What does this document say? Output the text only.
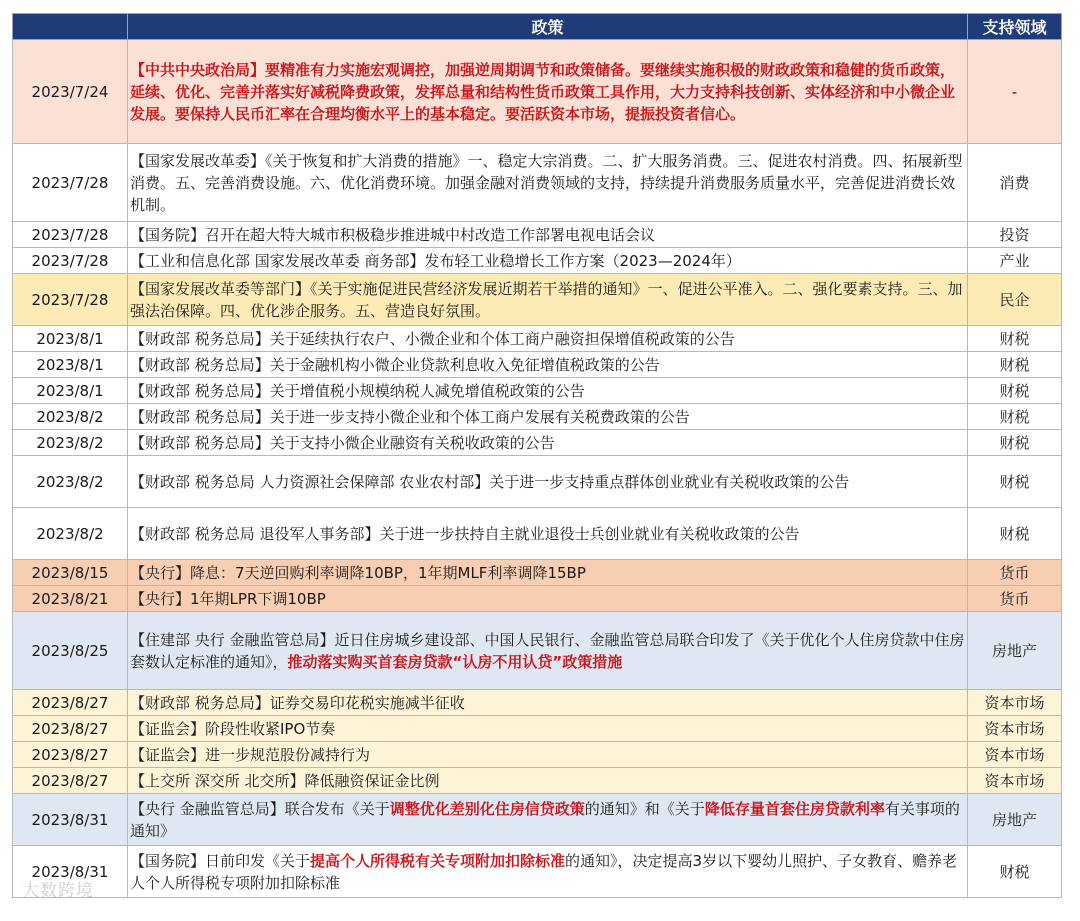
	政策	支持领域
2023/7/24	【中共中央政治局】要精准有力实施宏观调控，加强逆周期调节和政策储备。要继续实施积极的财政政策和稳健的货币政策，延续、优化、完善并落实好减税降费政策，发挥总量和结构性货币政策工具作用，大力支持科技创新、实体经济和中小微企业发展。要保持人民币汇率在合理均衡水平上的基本稳定。要活跃资本市场，提振投资者信心。	-
2023/7/28	【国家发展改革委】《关于恢复和扩大消费的措施》一、稳定大宗消费。二、扩大服务消费。三、促进农村消费。四、拓展新型消费。五、完善消费设施。六、优化消费环境。加强金融对消费领域的支持，持续提升消费服务质量水平，完善促进消费长效机制。	消费
2023/7/28	【国务院】召开在超大特大城市积极稳步推进城中村改造工作部署电视电话会议	投资
2023/7/28	【工业和信息化部 国家发展改革委 商务部】发布轻工业稳增长工作方案（2023—2024年）	产业
2023/7/28	【国家发展改革委等部门】《关于实施促进民营经济发展近期若干举措的通知》一、促进公平准入。二、强化要素支持。三、加强法治保障。四、优化涉企服务。五、营造良好氛围。	民企
2023/8/1	【财政部 税务总局】关于延续执行农户、小微企业和个体工商户融资担保增值税政策的公告	财税
2023/8/1	【财政部 税务总局】关于金融机构小微企业贷款利息收入免征增值税政策的公告	财税
2023/8/1	【财政部 税务总局】关于增值税小规模纳税人减免增值税政策的公告	财税
2023/8/2	【财政部 税务总局】关于进一步支持小微企业和个体工商户发展有关税费政策的公告	财税
2023/8/2	【财政部 税务总局】关于支持小微企业融资有关税收政策的公告	财税
2023/8/2	【财政部 税务总局 人力资源社会保障部 农业农村部】关于进一步支持重点群体创业就业有关税收政策的公告	财税
2023/8/2	【财政部 税务总局 退役军人事务部】关于进一步扶持自主就业退役士兵创业就业有关税收政策的公告	财税
2023/8/15	【央行】降息：7天逆回购利率调降10BP，1年期MLF利率调降15BP	货币
2023/8/21	【央行】1年期LPR下调10BP	货币
2023/8/25	【住建部 央行 金融监管总局】近日住房城乡建设部、中国人民银行、金融监管总局联合印发了《关于优化个人住房贷款中住房套数认定标准的通知》，推动落实购买首套房贷款“认房不用认贷”政策措施	房地产
2023/8/27	【财政部 税务总局】证券交易印花税实施减半征收	资本市场
2023/8/27	【证监会】阶段性收紧IPO节奏	资本市场
2023/8/27	【证监会】进一步规范股份减持行为	资本市场
2023/8/27	【上交所 深交所 北交所】降低融资保证金比例	资本市场
2023/8/31	【央行 金融监管总局】联合发布《关于调整优化差别化住房信贷政策的通知》和《关于降低存量首套住房贷款利率有关事项的通知》	房地产
2023/8/31	【国务院】日前印发《关于提高个人所得税有关专项附加扣除标准的通知》，决定提高3岁以下婴幼儿照护、子女教育、赡养老人个人所得税专项附加扣除标准	财税
大数跨境
